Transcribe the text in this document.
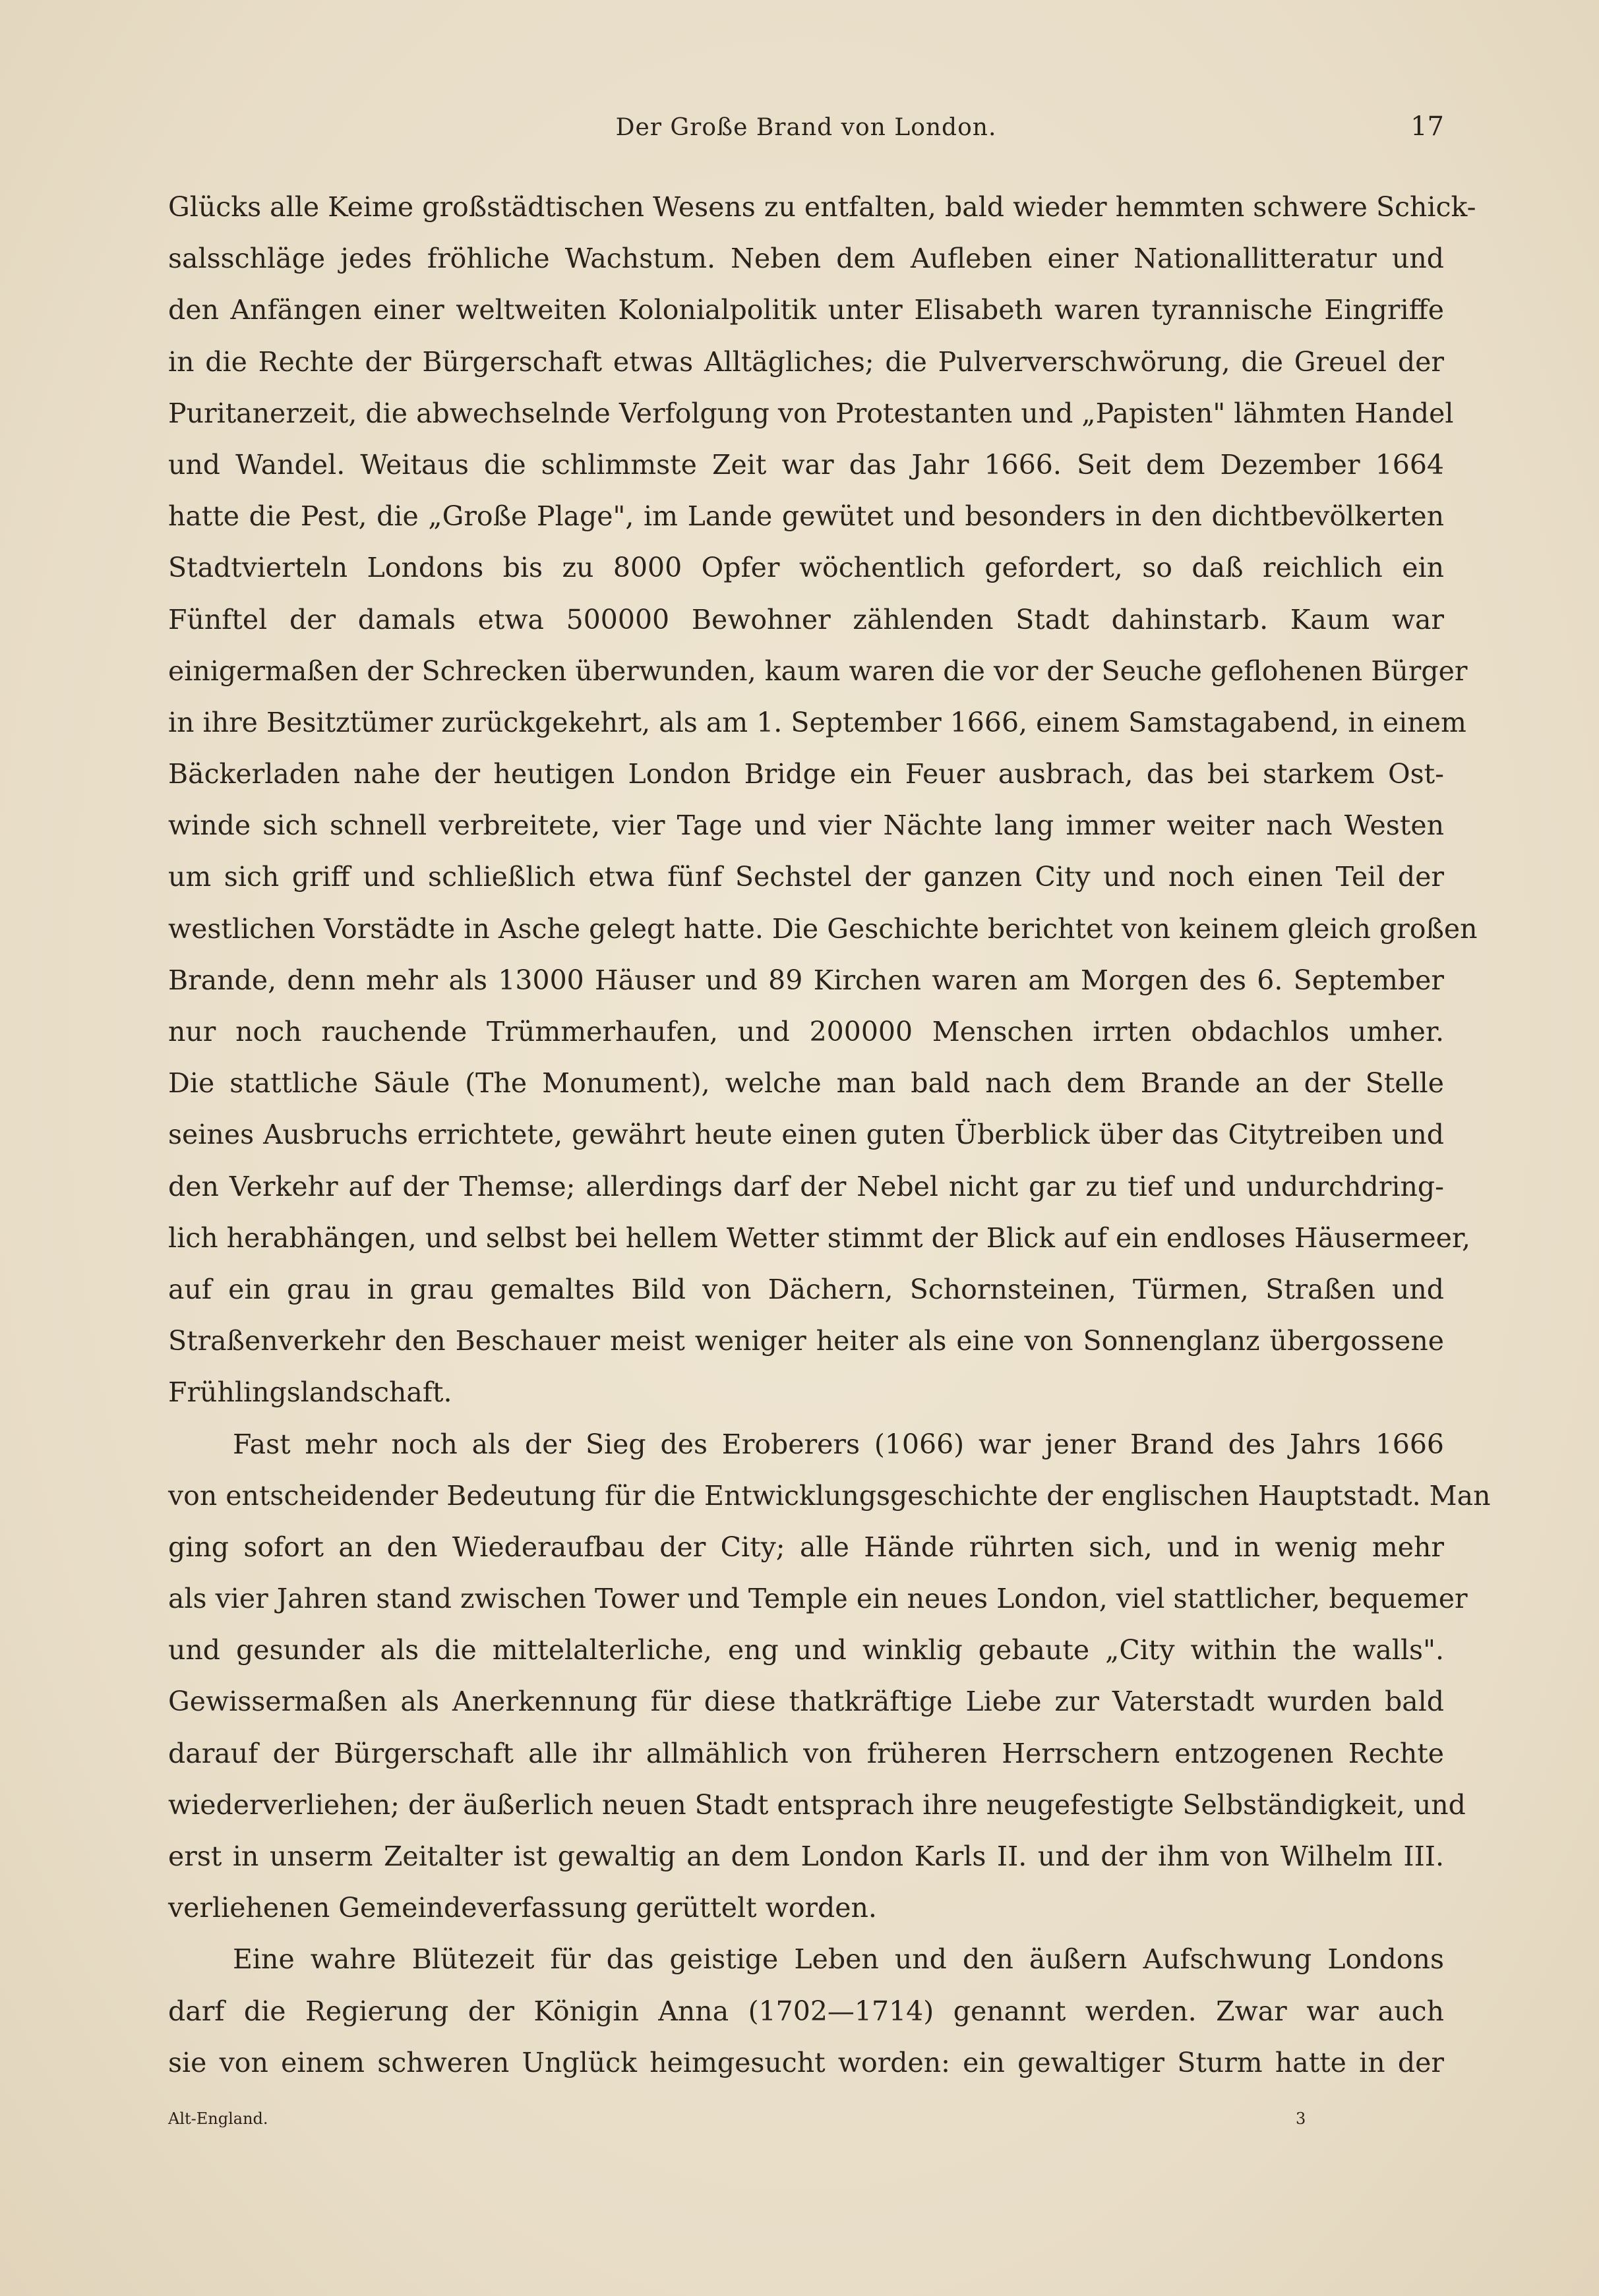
Der Große Brand von London.	17
Glücks alle Keime großstädtischen Wesens zu entfalten, bald wieder hemmten schwere Schick-
salsschläge jedes fröhliche Wachstum. Neben dem Aufleben einer Nationallitteratur und
den Anfängen einer weltweiten Kolonialpolitik unter Elisabeth waren tyrannische Eingriffe
in die Rechte der Bürgerschaft etwas Alltägliches; die Pulververschwörung, die Greuel der
Puritanerzeit, die abwechselnde Verfolgung von Protestanten und „Papisten" lähmten Handel
und Wandel. Weitaus die schlimmste Zeit war das Jahr 1666. Seit dem Dezember 1664
hatte die Pest, die „Große Plage", im Lande gewütet und besonders in den dichtbevölkerten
Stadtvierteln Londons bis zu 8000 Opfer wöchentlich gefordert, so daß reichlich ein
Fünftel der damals etwa 500000 Bewohner zählenden Stadt dahinstarb. Kaum war
einigermaßen der Schrecken überwunden, kaum waren die vor der Seuche geflohenen Bürger
in ihre Besitztümer zurückgekehrt, als am 1. September 1666, einem Samstagabend, in einem
Bäckerladen nahe der heutigen London Bridge ein Feuer ausbrach, das bei starkem Ost-
winde sich schnell verbreitete, vier Tage und vier Nächte lang immer weiter nach Westen
um sich griff und schließlich etwa fünf Sechstel der ganzen City und noch einen Teil der
westlichen Vorstädte in Asche gelegt hatte. Die Geschichte berichtet von keinem gleich großen
Brande, denn mehr als 13000 Häuser und 89 Kirchen waren am Morgen des 6. September
nur noch rauchende Trümmerhaufen, und 200000 Menschen irrten obdachlos umher.
Die stattliche Säule (The Monument), welche man bald nach dem Brande an der Stelle
seines Ausbruchs errichtete, gewährt heute einen guten Überblick über das Citytreiben und
den Verkehr auf der Themse; allerdings darf der Nebel nicht gar zu tief und undurchdring-
lich herabhängen, und selbst bei hellem Wetter stimmt der Blick auf ein endloses Häusermeer,
auf ein grau in grau gemaltes Bild von Dächern, Schornsteinen, Türmen, Straßen und
Straßenverkehr den Beschauer meist weniger heiter als eine von Sonnenglanz übergossene
Frühlingslandschaft.
Fast mehr noch als der Sieg des Eroberers (1066) war jener Brand des Jahrs 1666
von entscheidender Bedeutung für die Entwicklungsgeschichte der englischen Hauptstadt. Man
ging sofort an den Wiederaufbau der City; alle Hände rührten sich, und in wenig mehr
als vier Jahren stand zwischen Tower und Temple ein neues London, viel stattlicher, bequemer
und gesunder als die mittelalterliche, eng und winklig gebaute „City within the walls".
Gewissermaßen als Anerkennung für diese thatkräftige Liebe zur Vaterstadt wurden bald
darauf der Bürgerschaft alle ihr allmählich von früheren Herrschern entzogenen Rechte
wiederverliehen; der äußerlich neuen Stadt entsprach ihre neugefestigte Selbständigkeit, und
erst in unserm Zeitalter ist gewaltig an dem London Karls II. und der ihm von Wilhelm III.
verliehenen Gemeindeverfassung gerüttelt worden.
Eine wahre Blütezeit für das geistige Leben und den äußern Aufschwung Londons
darf die Regierung der Königin Anna (1702—1714) genannt werden. Zwar war auch
sie von einem schweren Unglück heimgesucht worden: ein gewaltiger Sturm hatte in der
Alt-England.	3
